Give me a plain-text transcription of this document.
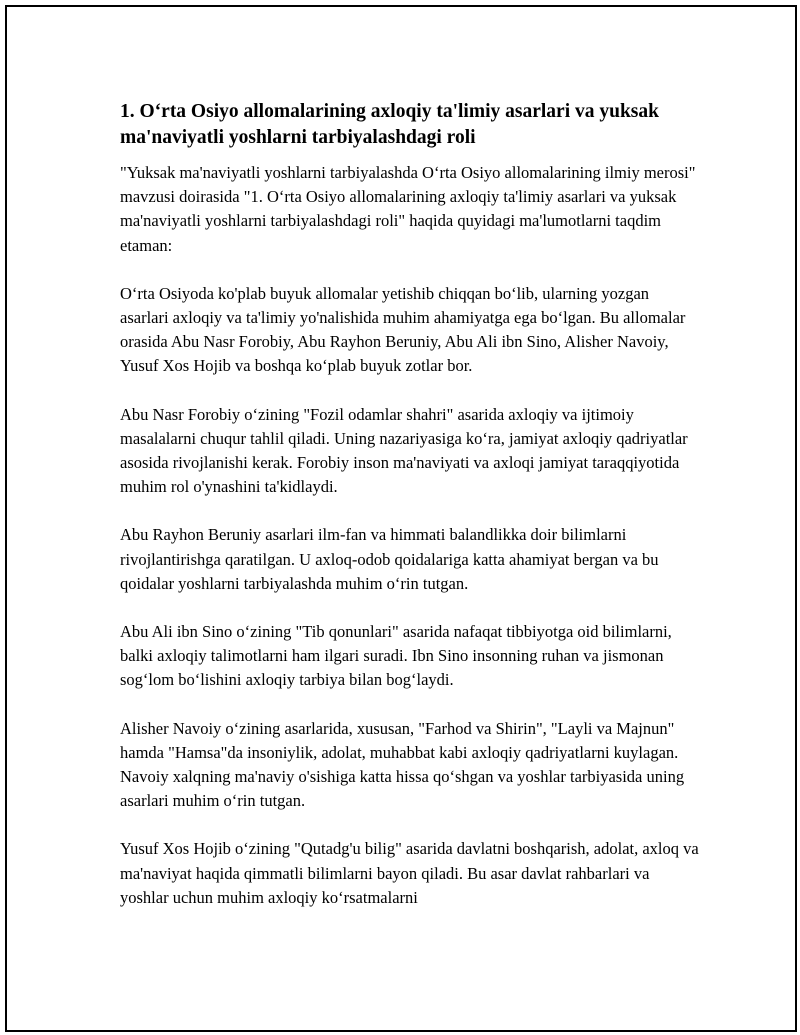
1. O‘rta Osiyo allomalarining axloqiy ta'limiy asarlari va yuksak ma'naviyatli yoshlarni tarbiyalashdagi roli

"Yuksak ma'naviyatli yoshlarni tarbiyalashda O‘rta Osiyo allomalarining ilmiy merosi" mavzusi doirasida "1. O‘rta Osiyo allomalarining axloqiy ta'limiy asarlari va yuksak ma'naviyatli yoshlarni tarbiyalashdagi roli" haqida quyidagi ma'lumotlarni taqdim etaman:

O‘rta Osiyoda ko'plab buyuk allomalar yetishib chiqqan bo‘lib, ularning yozgan asarlari axloqiy va ta'limiy yo'nalishida muhim ahamiyatga ega bo‘lgan. Bu allomalar orasida Abu Nasr Forobiy, Abu Rayhon Beruniy, Abu Ali ibn Sino, Alisher Navoiy, Yusuf Xos Hojib va boshqa ko‘plab buyuk zotlar bor.

Abu Nasr Forobiy o‘zining "Fozil odamlar shahri" asarida axloqiy va ijtimoiy masalalarni chuqur tahlil qiladi. Uning nazariyasiga ko‘ra, jamiyat axloqiy qadriyatlar asosida rivojlanishi kerak. Forobiy inson ma'naviyati va axloqi jamiyat taraqqiyotida muhim rol o'ynashini ta'kidlaydi.

Abu Rayhon Beruniy asarlari ilm-fan va himmati balandlikka doir bilimlarni rivojlantirishga qaratilgan. U axloq-odob qoidalariga katta ahamiyat bergan va bu qoidalar yoshlarni tarbiyalashda muhim o‘rin tutgan.

Abu Ali ibn Sino o‘zining "Tib qonunlari" asarida nafaqat tibbiyotga oid bilimlarni, balki axloqiy talimotlarni ham ilgari suradi. Ibn Sino insonning ruhan va jismonan sog‘lom bo‘lishini axloqiy tarbiya bilan bog‘laydi.

Alisher Navoiy o‘zining asarlarida, xususan, "Farhod va Shirin", "Layli va Majnun" hamda "Hamsa"da insoniylik, adolat, muhabbat kabi axloqiy qadriyatlarni kuylagan. Navoiy xalqning ma'naviy o'sishiga katta hissa qo‘shgan va yoshlar tarbiyasida uning asarlari muhim o‘rin tutgan.

Yusuf Xos Hojib o‘zining "Qutadg'u bilig" asarida davlatni boshqarish, adolat, axloq va ma'naviyat haqida qimmatli bilimlarni bayon qiladi. Bu asar davlat rahbarlari va yoshlar uchun muhim axloqiy ko‘rsatmalarni
